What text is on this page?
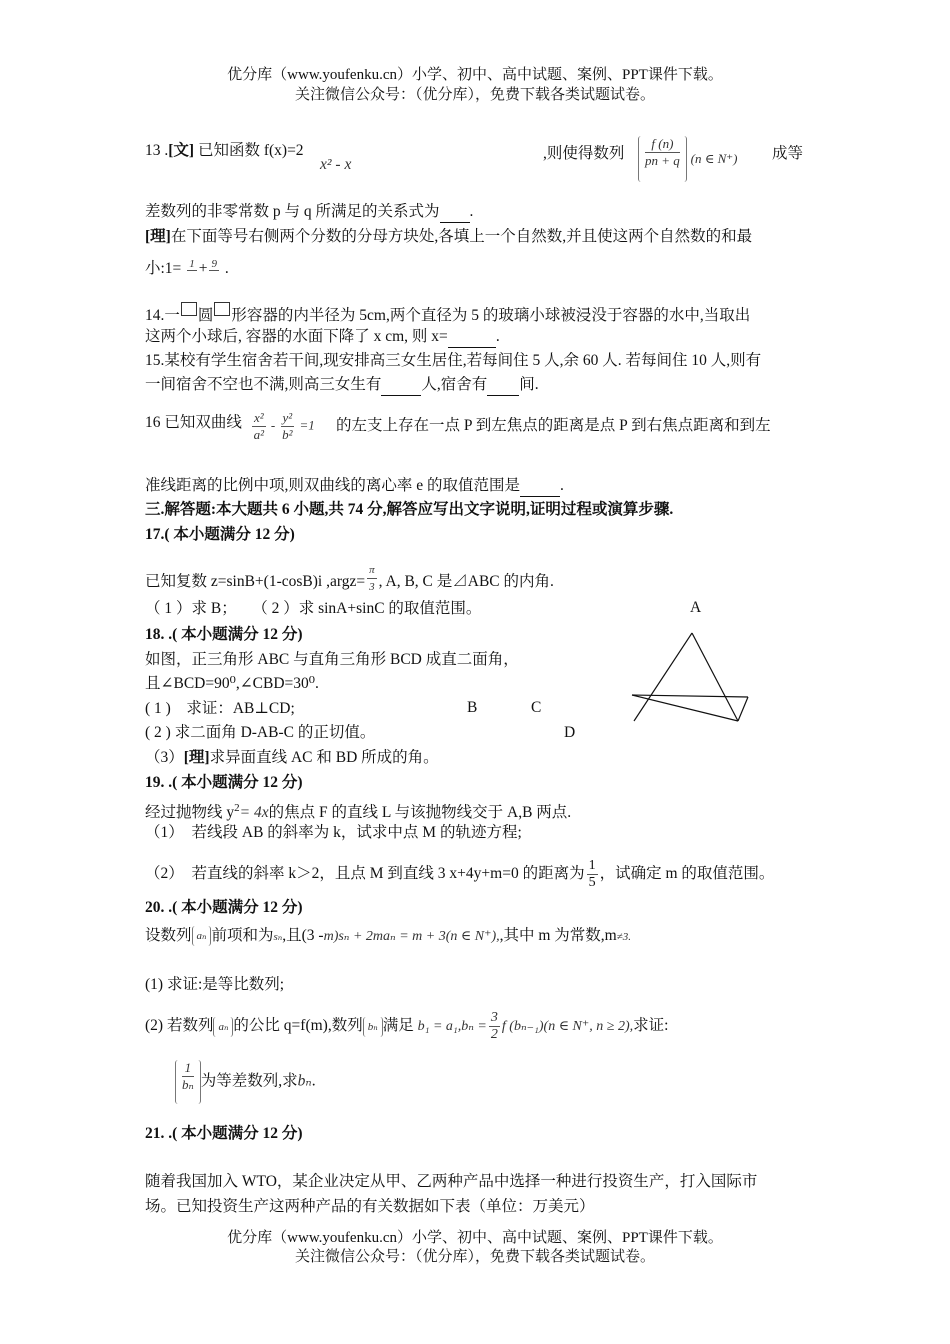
优分库（www.youfenku.cn）小学、初中、高中试题、案例、PPT课件下载。
关注微信公众号：（优分库），免费下载各类试题试卷。
13 .[文] 已知函数 f(x)=2
x² - x
,则使得数列 $\frac{f (n)}{pn + q} (n$ ∈ N⁺) 成等
差数列的非零常数 p 与 q 所满足的关系式为 .
[理]在下面等号右侧两个分数的分母方块处,各填上一个自然数,并且使这两个自然数的和最
小:1= 1
+ 9
.
14.一 圆 形容器的内半径为 5cm,两个直径为 5 的玻璃小球被浸没于容器的水中,当取出
这两个小球后, 容器的水面下降了 x cm, 则 x=	.
15.某校有学生宿舍若干间,现安排高三女生居住,若每间住 5 人,余 60 人. 若每间住 10 人,则有
一间宿舍不空也不满,则高三女生有	人,宿舍有 间.
16 已知双曲线 $\frac{\text{x²}}{\text{a²}} - \frac{\text{y²}}{\text{b²}} =1$ 的左支上存在一点 P 到左焦点的距离是点 P 到右焦点距离和到左
准线距离的比例中项,则双曲线的离心率 e 的取值范围是	.
三.解答题:本大题共 6 小题,共 74 分,解答应写出文字说明,证明过程或演算步骤.
17.( 本小题满分 12 分)
已知复数 z=sinB+(1-cosB)i ,argz= $\frac{\pi}{3}$ , A, B, C 是⊿ABC 的内角.
（ 1 ）求 B；　　（ 2 ）求 sinA+sinC 的取值范围。	A
18. .( 本小题满分 12 分)
如图，正三角形 ABC 与直角三角形 BCD 成直二面角，
且∠BCD=90⁰,∠CBD=30⁰.
( 1 )　求证：AB⊥CD;	B	C
( 2 ) 求二面角 D-AB-C 的正切值。	D
（3）[理]求异面直线 AC 和 BD 所成的角。
19. .( 本小题满分 12 分)
经过抛物线 $y^2= 4x$的焦点 F 的直线 L 与该抛物线交于 A,B 两点.
（1）　若线段 AB 的斜率为 k，试求中点 M 的轨迹方程;
（2）　若直线的斜率 k＞2，且点 M 到直线 3 x+4y+m=0 的距离为 $\frac{1}{5}$ ，试确定 m 的取值范围。
20. .( 本小题满分 12 分)
设数列 aₙ 前项和为sₙ,且(3 -m)sₙ + 2maₙ = m + 3(n ∈ N⁺),,其中 m 为常数,m≠3.
(1) 求证:是等比数列;
(2) 若数列 aₙ 的公比 q=f(m),数列 bₙ 满足 $b_1 = a_1,b_n = \frac{3}{2}$ f (bₙ₋₁)(n ∈ N⁺, n ≥ 2),求证:
$\frac{1}{\text{bₙ}}$ 为等差数列,求bₙ.
21. .( 本小题满分 12 分)
随着我国加入 WTO，某企业决定从甲、乙两种产品中选择一种进行投资生产，打入国际市
场。已知投资生产这两种产品的有关数据如下表（单位：万美元）
优分库（www.youfenku.cn）小学、初中、高中试题、案例、PPT课件下载。
关注微信公众号：（优分库），免费下载各类试题试卷。
